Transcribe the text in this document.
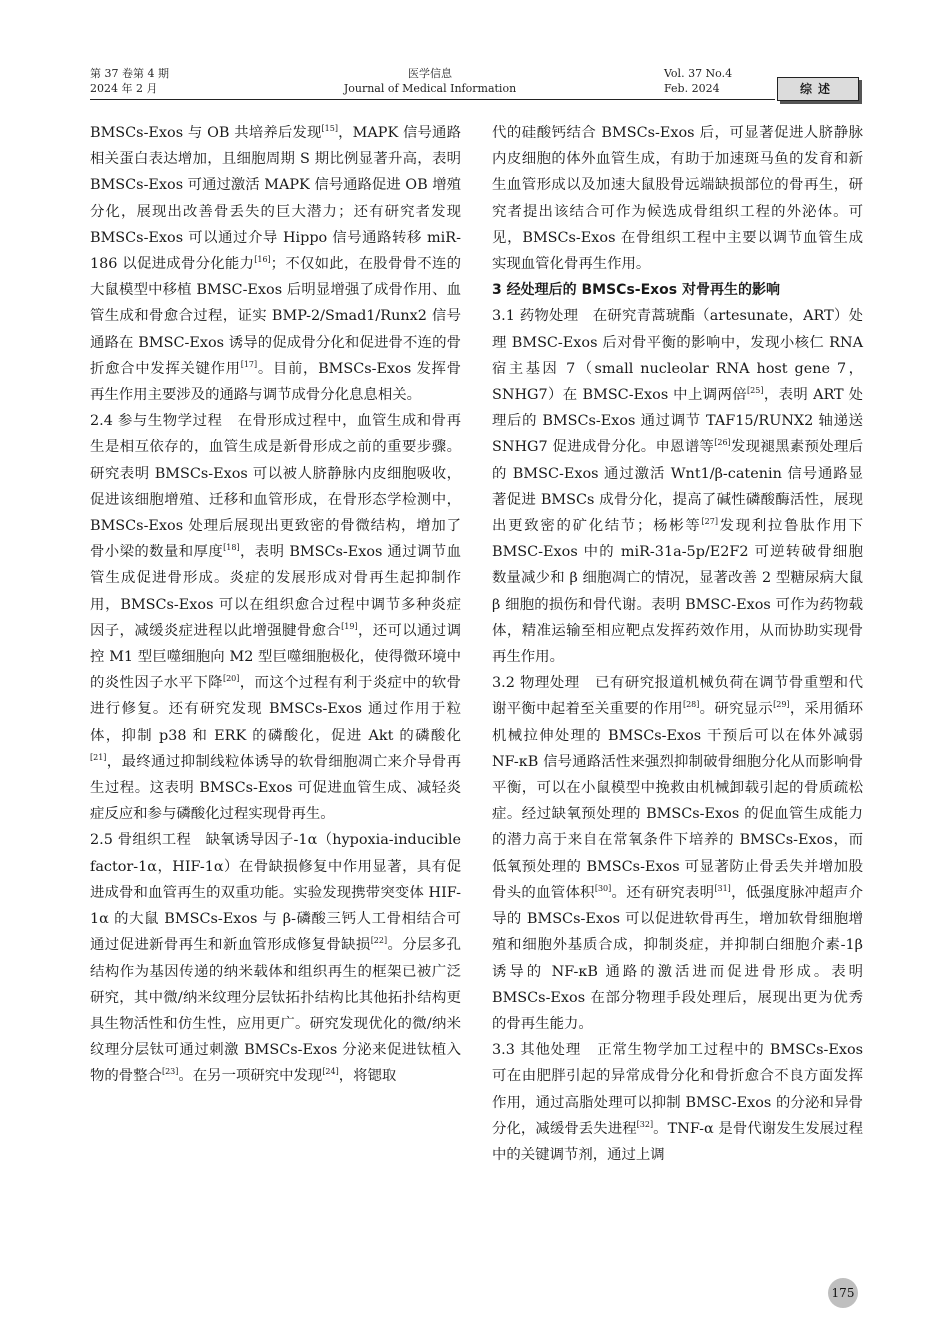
第 37 卷第 4 期
2024 年 2 月
医学信息
Journal of Medical Information
Vol. 37 No.4
Feb. 2024	综述

BMSCs-Exos 与 OB 共培养后发现[15]，MAPK 信号通路相关蛋白表达增加，且细胞周期 S 期比例显著升高，表明 BMSCs-Exos 可通过激活 MAPK 信号通路促进 OB 增殖分化，展现出改善骨丢失的巨大潜力；还有研究者发现 BMSCs-Exos 可以通过介导 Hippo 信号通路转移 miR-186 以促进成骨分化能力[16]；不仅如此，在股骨骨不连的大鼠模型中移植 BMSC-Exos 后明显增强了成骨作用、血管生成和骨愈合过程，证实 BMP-2/Smad1/Runx2 信号通路在 BMSC-Exos 诱导的促成骨分化和促进骨不连的骨折愈合中发挥关键作用[17]。目前，BMSCs-Exos 发挥骨再生作用主要涉及的通路与调节成骨分化息息相关。

2.4 参与生物学过程 在骨形成过程中，血管生成和骨再生是相互依存的，血管生成是新骨形成之前的重要步骤。研究表明 BMSCs-Exos 可以被人脐静脉内皮细胞吸收，促进该细胞增殖、迁移和血管形成，在骨形态学检测中，BMSCs-Exos 处理后展现出更致密的骨微结构，增加了骨小梁的数量和厚度[18]，表明 BMSCs-Exos 通过调节血管生成促进骨形成。炎症的发展形成对骨再生起抑制作用，BMSCs-Exos 可以在组织愈合过程中调节多种炎症因子，减缓炎症进程以此增强腱骨愈合[19]，还可以通过调控 M1 型巨噬细胞向 M2 型巨噬细胞极化，使得微环境中的炎性因子水平下降[20]，而这个过程有利于炎症中的软骨进行修复。还有研究发现 BMSCs-Exos 通过作用于粒体，抑制 p38 和 ERK 的磷酸化，促进 Akt 的磷酸化[21]，最终通过抑制线粒体诱导的软骨细胞凋亡来介导骨再生过程。这表明 BMSCs-Exos 可促进血管生成、减轻炎症反应和参与磷酸化过程实现骨再生。

2.5 骨组织工程 缺氧诱导因子-1α（hypoxia-inducible factor-1α，HIF-1α）在骨缺损修复中作用显著，具有促进成骨和血管再生的双重功能。实验发现携带突变体 HIF-1α 的大鼠 BMSCs-Exos 与 β-磷酸三钙人工骨相结合可通过促进新骨再生和新血管形成修复骨缺损[22]。分层多孔结构作为基因传递的纳米载体和组织再生的框架已被广泛研究，其中微/纳米纹理分层钛拓扑结构比其他拓扑结构更具生物活性和仿生性，应用更广。研究发现优化的微/纳米纹理分层钛可通过刺激 BMSCs-Exos 分泌来促进钛植入物的骨整合[23]。在另一项研究中发现[24]，将锶取

代的硅酸钙结合 BMSCs-Exos 后，可显著促进人脐静脉内皮细胞的体外血管生成，有助于加速斑马鱼的发育和新生血管形成以及加速大鼠股骨远端缺损部位的骨再生，研究者提出该结合可作为候选成骨组织工程的外泌体。可见，BMSCs-Exos 在骨组织工程中主要以调节血管生成实现血管化骨再生作用。

3 经处理后的 BMSCs-Exos 对骨再生的影响

3.1 药物处理 在研究青蒿琥酯（artesunate，ART）处理 BMSC-Exos 后对骨平衡的影响中，发现小核仁 RNA 宿主基因 7（small nucleolar RNA host gene 7，SNHG7）在 BMSC-Exos 中上调两倍[25]，表明 ART 处理后的 BMSCs-Exos 通过调节 TAF15/RUNX2 轴递送 SNHG7 促进成骨分化。申恩谱等[26]发现褪黑素预处理后的 BMSC-Exos 通过激活 Wnt1/β-catenin 信号通路显著促进 BMSCs 成骨分化，提高了碱性磷酸酶活性，展现出更致密的矿化结节；杨彬等[27]发现利拉鲁肽作用下 BMSC-Exos 中的 miR-31a-5p/E2F2 可逆转破骨细胞数量减少和 β 细胞凋亡的情况，显著改善 2 型糖尿病大鼠 β 细胞的损伤和骨代谢。表明 BMSC-Exos 可作为药物载体，精准运输至相应靶点发挥药效作用，从而协助实现骨再生作用。

3.2 物理处理 已有研究报道机械负荷在调节骨重塑和代谢平衡中起着至关重要的作用[28]。研究显示[29]，采用循环机械拉伸处理的 BMSCs-Exos 干预后可以在体外减弱 NF-κB 信号通路活性来强烈抑制破骨细胞分化从而影响骨平衡，可以在小鼠模型中挽救由机械卸载引起的骨质疏松症。经过缺氧预处理的 BMSCs-Exos 的促血管生成能力的潜力高于来自在常氧条件下培养的 BMSCs-Exos，而低氧预处理的 BMSCs-Exos 可显著防止骨丢失并增加股骨头的血管体积[30]。还有研究表明[31]，低强度脉冲超声介导的 BMSCs-Exos 可以促进软骨再生，增加软骨细胞增殖和细胞外基质合成，抑制炎症，并抑制白细胞介素-1β 诱导的 NF-κB 通路的激活进而促进骨形成。表明 BMSCs-Exos 在部分物理手段处理后，展现出更为优秀的骨再生能力。

3.3 其他处理 正常生物学加工过程中的 BMSCs-Exos 可在由肥胖引起的异常成骨分化和骨折愈合不良方面发挥作用，通过高脂处理可以抑制 BMSC-Exos 的分泌和异骨分化，减缓骨丢失进程[32]。TNF-α 是骨代谢发生发展过程中的关键调节剂，通过上调

175
